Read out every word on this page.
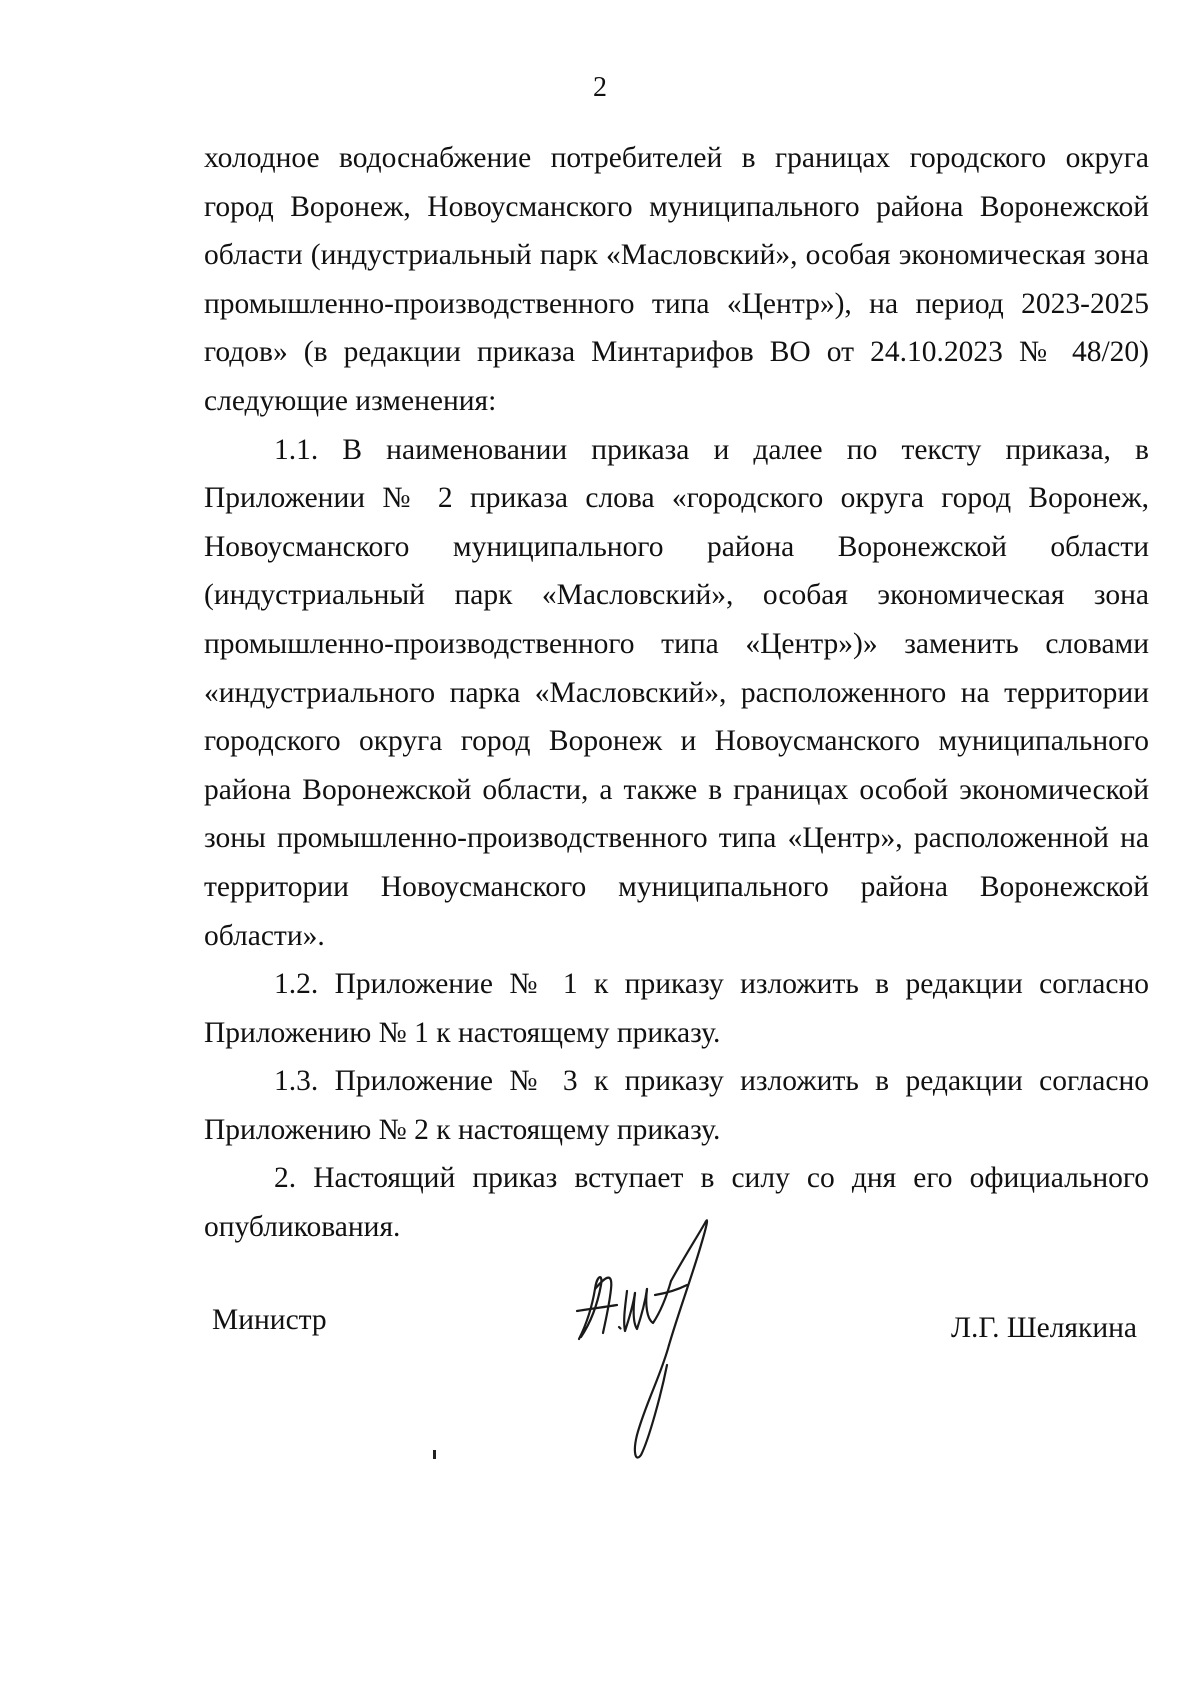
2

холодное водоснабжение потребителей в границах городского округа город Воронеж, Новоусманского муниципального района Воронежской области (индустриальный парк «Масловский», особая экономическая зона промышленно-производственного типа «Центр»), на период 2023-2025 годов» (в редакции приказа Минтарифов ВО от 24.10.2023 № 48/20) следующие изменения:

1.1. В наименовании приказа и далее по тексту приказа, в Приложении № 2 приказа слова «городского округа город Воронеж, Новоусманского муниципального района Воронежской области (индустриальный парк «Масловский», особая экономическая зона промышленно-производственного типа «Центр»)» заменить словами «индустриального парка «Масловский», расположенного на территории городского округа город Воронеж и Новоусманского муниципального района Воронежской области, а также в границах особой экономической зоны промышленно-производственного типа «Центр», расположенной на территории Новоусманского муниципального района Воронежской области».

1.2. Приложение № 1 к приказу изложить в редакции согласно Приложению № 1 к настоящему приказу.

1.3. Приложение № 3 к приказу изложить в редакции согласно Приложению № 2 к настоящему приказу.

2. Настоящий приказ вступает в силу со дня его официального опубликования.

Министр	Л.Г. Шелякина
